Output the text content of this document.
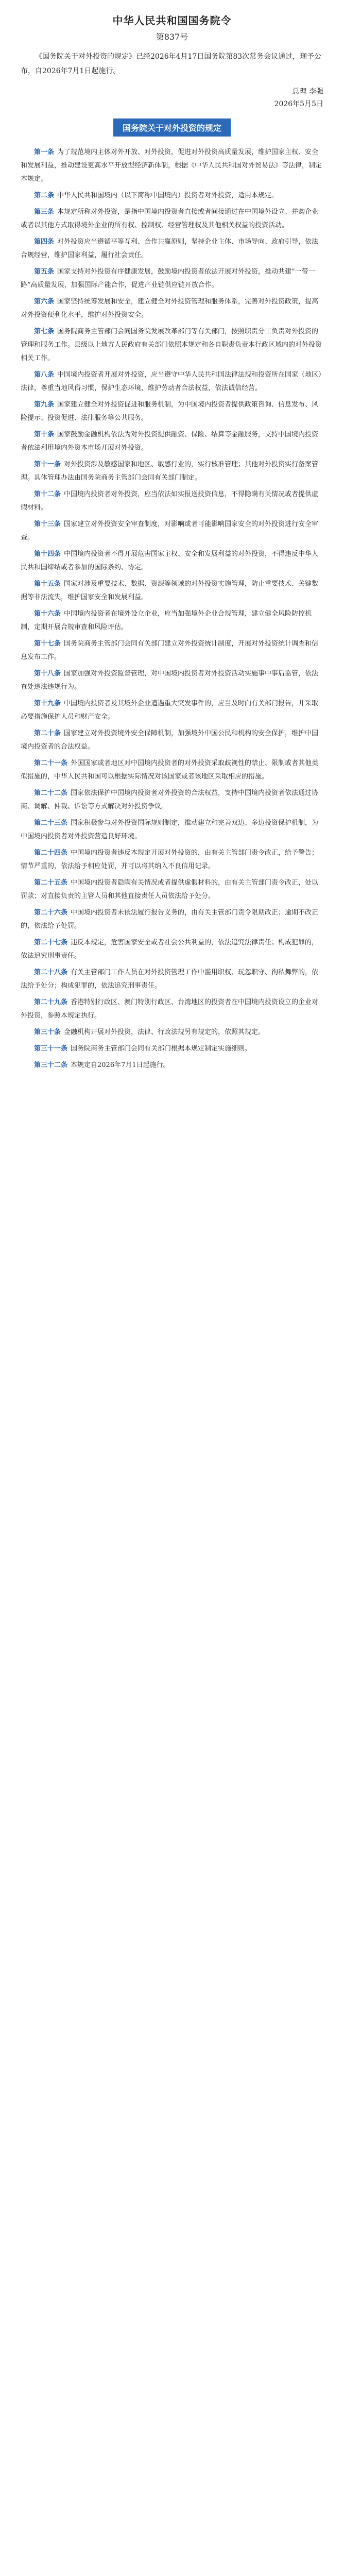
中华人民共和国国务院令
第837号

《国务院关于对外投资的规定》已经2026年4月17日国务院第83次常务会议通过，现予公布，自2026年7月1日起施行。

总理 李强
2026年5月5日
国务院关于对外投资的规定

第一条 为了规范境内主体对外开放、对外投资，促进对外投资高质量发展，维护国家主权、安全和发展利益，推动建设更高水平开放型经济新体制，根据《中华人民共和国对外贸易法》等法律，制定本规定。

第二条 中华人民共和国境内（以下简称中国境内）投资者对外投资，适用本规定。

第三条 本规定所称对外投资，是指中国境内投资者直接或者间接通过在中国境外设立、并购企业或者以其他方式取得境外企业的所有权、控制权、经营管理权及其他相关权益的投资活动。

第四条 对外投资应当遵循平等互利、合作共赢原则，坚持企业主体、市场导向、政府引导，依法合规经营，维护国家利益，履行社会责任。

第五条 国家支持对外投资有序健康发展，鼓励境内投资者依法开展对外投资，推动共建“一带一路”高质量发展，加强国际产能合作，促进产业链供应链开放合作。

第六条 国家坚持统筹发展和安全，建立健全对外投资管理和服务体系，完善对外投资政策，提高对外投资便利化水平，维护对外投资安全。

第七条 国务院商务主管部门会同国务院发展改革部门等有关部门，按照职责分工负责对外投资的管理和服务工作。县级以上地方人民政府有关部门依照本规定和各自职责负责本行政区域内的对外投资相关工作。

第八条 中国境内投资者开展对外投资，应当遵守中华人民共和国法律法规和投资所在国家（地区）法律，尊重当地风俗习惯，保护生态环境，维护劳动者合法权益，依法诚信经营。

第九条 国家建立健全对外投资促进和服务机制，为中国境内投资者提供政策咨询、信息发布、风险提示、投资促进、法律服务等公共服务。

第十条 国家鼓励金融机构依法为对外投资提供融资、保险、结算等金融服务，支持中国境内投资者依法利用境内外资本市场开展对外投资。

第十一条 对外投资涉及敏感国家和地区、敏感行业的，实行核准管理；其他对外投资实行备案管理。具体管理办法由国务院商务主管部门会同有关部门制定。

第十二条 中国境内投资者对外投资，应当依法如实报送投资信息，不得隐瞒有关情况或者提供虚假材料。

第十三条 国家建立对外投资安全审查制度，对影响或者可能影响国家安全的对外投资进行安全审查。

第十四条 中国境内投资者不得开展危害国家主权、安全和发展利益的对外投资，不得违反中华人民共和国缔结或者参加的国际条约、协定。

第十五条 国家对涉及重要技术、数据、资源等领域的对外投资实施管理，防止重要技术、关键数据等非法流失，维护国家安全和发展利益。

第十六条 中国境内投资者在境外设立企业，应当加强境外企业合规管理，建立健全风险防控机制，定期开展合规审查和风险评估。

第十七条 国务院商务主管部门会同有关部门建立对外投资统计制度，开展对外投资统计调查和信息发布工作。

第十八条 国家加强对外投资监督管理，对中国境内投资者对外投资活动实施事中事后监管，依法查处违法违规行为。

第十九条 中国境内投资者及其境外企业遭遇重大突发事件的，应当及时向有关部门报告，并采取必要措施保护人员和财产安全。

第二十条 国家建立对外投资境外安全保障机制，加强境外中国公民和机构的安全保护，维护中国境内投资者的合法权益。

第二十一条 外国国家或者地区对中国境内投资者的对外投资采取歧视性的禁止、限制或者其他类似措施的，中华人民共和国可以根据实际情况对该国家或者该地区采取相应的措施。

第二十二条 国家依法保护中国境内投资者对外投资的合法权益，支持中国境内投资者依法通过协商、调解、仲裁、诉讼等方式解决对外投资争议。

第二十三条 国家积极参与对外投资国际规则制定，推动建立和完善双边、多边投资保护机制，为中国境内投资者对外投资营造良好环境。

第二十四条 中国境内投资者违反本规定开展对外投资的，由有关主管部门责令改正，给予警告；情节严重的，依法给予相应处罚，并可以将其纳入不良信用记录。

第二十五条 中国境内投资者隐瞒有关情况或者提供虚假材料的，由有关主管部门责令改正，处以罚款；对直接负责的主管人员和其他直接责任人员依法给予处分。

第二十六条 中国境内投资者未依法履行报告义务的，由有关主管部门责令限期改正；逾期不改正的，依法给予处罚。

第二十七条 违反本规定，危害国家安全或者社会公共利益的，依法追究法律责任；构成犯罪的，依法追究刑事责任。

第二十八条 有关主管部门工作人员在对外投资管理工作中滥用职权、玩忽职守、徇私舞弊的，依法给予处分；构成犯罪的，依法追究刑事责任。

第二十九条 香港特别行政区、澳门特别行政区、台湾地区的投资者在中国境内投资设立的企业对外投资，参照本规定执行。

第三十条 金融机构开展对外投资，法律、行政法规另有规定的，依照其规定。

第三十一条 国务院商务主管部门会同有关部门根据本规定制定实施细则。

第三十二条 本规定自2026年7月1日起施行。
